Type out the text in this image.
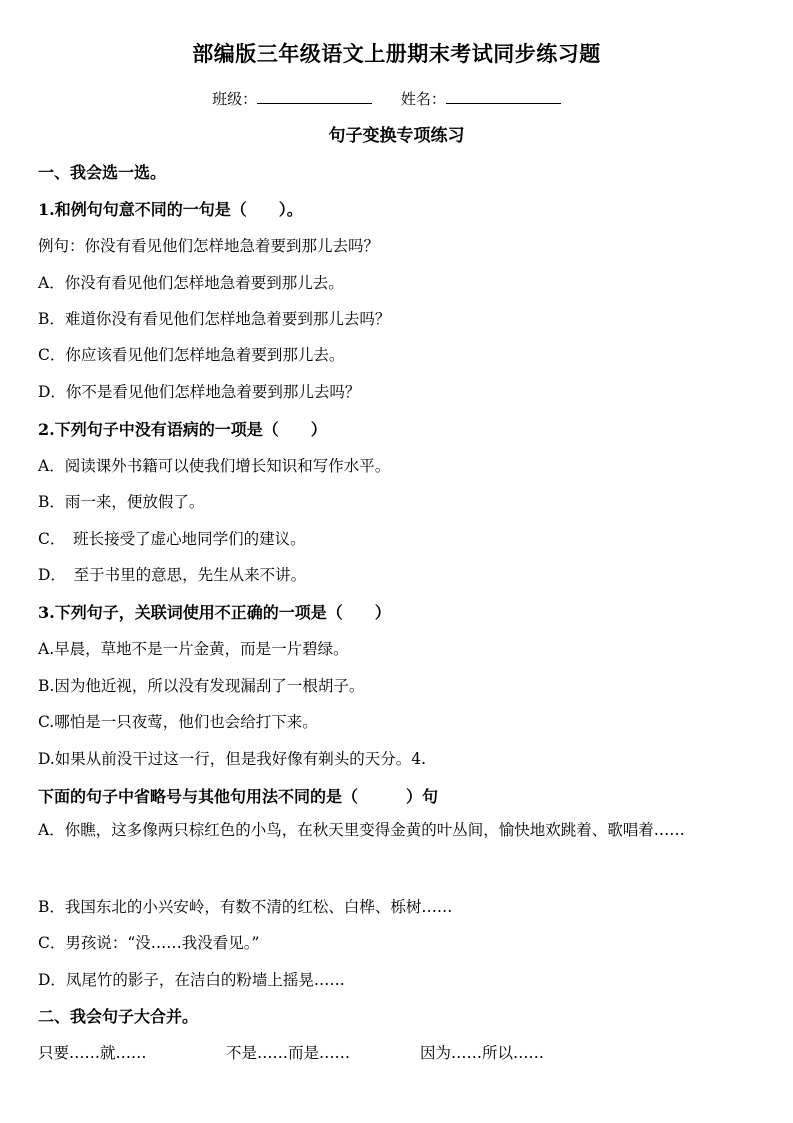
部编版三年级语文上册期末考试同步练习题
班级：	姓名：
句子变换专项练习
一、我会选一选。
1.和例句句意不同的一句是（　　）。
例句：你没有看见他们怎样地急着要到那儿去吗？
A．你没有看见他们怎样地急着要到那儿去。
B．难道你没有看见他们怎样地急着要到那儿去吗？
C．你应该看见他们怎样地急着要到那儿去。
D．你不是看见他们怎样地急着要到那儿去吗？
2.下列句子中没有语病的一项是（　　）
A．阅读课外书籍可以使我们增长知识和写作水平。
B．雨一来，便放假了。
C．　班长接受了虚心地同学们的建议。
D．　至于书里的意思，先生从来不讲。
3.下列句子，关联词使用不正确的一项是（　　）
A.早晨，草地不是一片金黄，而是一片碧绿。
B.因为他近视，所以没有发现漏刮了一根胡子。
C.哪怕是一只夜莺，他们也会给打下来。
D.如果从前没干过这一行，但是我好像有剃头的天分。4.
下面的句子中省略号与其他句用法不同的是（　　　）句
A．你瞧，这多像两只棕红色的小鸟，在秋天里变得金黄的叶丛间，愉快地欢跳着、歌唱着……
B．我国东北的小兴安岭，有数不清的红松、白桦、栎树……
C．男孩说：“没……我没看见。”
D．凤尾竹的影子，在洁白的粉墙上摇晃……
二、我会句子大合并。
只要……就……	不是……而是……	因为……所以……
